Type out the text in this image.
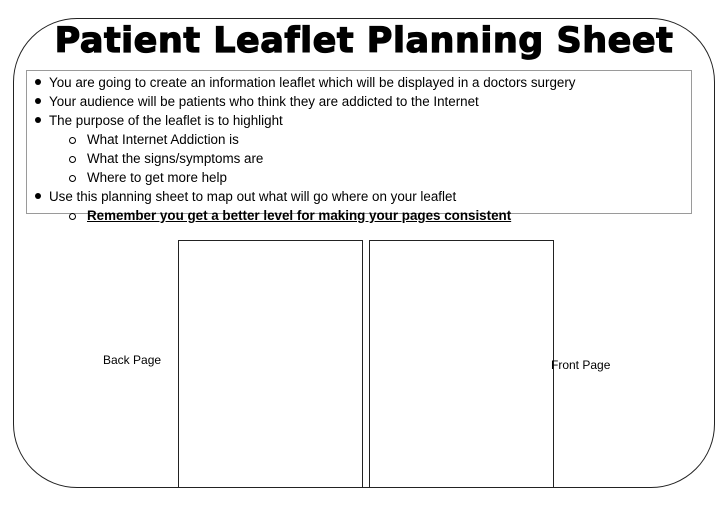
Patient Leaflet Planning Sheet
You are going to create an information leaflet which will be displayed in a doctors surgery
Your audience will be patients who think they are addicted to the Internet
The purpose of the leaflet is to highlight
What Internet Addiction is
What the signs/symptoms are
Where to get more help
Use this planning sheet to map out what will go where on your leaflet
Remember you get a better level for making your pages consistent
Back Page	Front Page
